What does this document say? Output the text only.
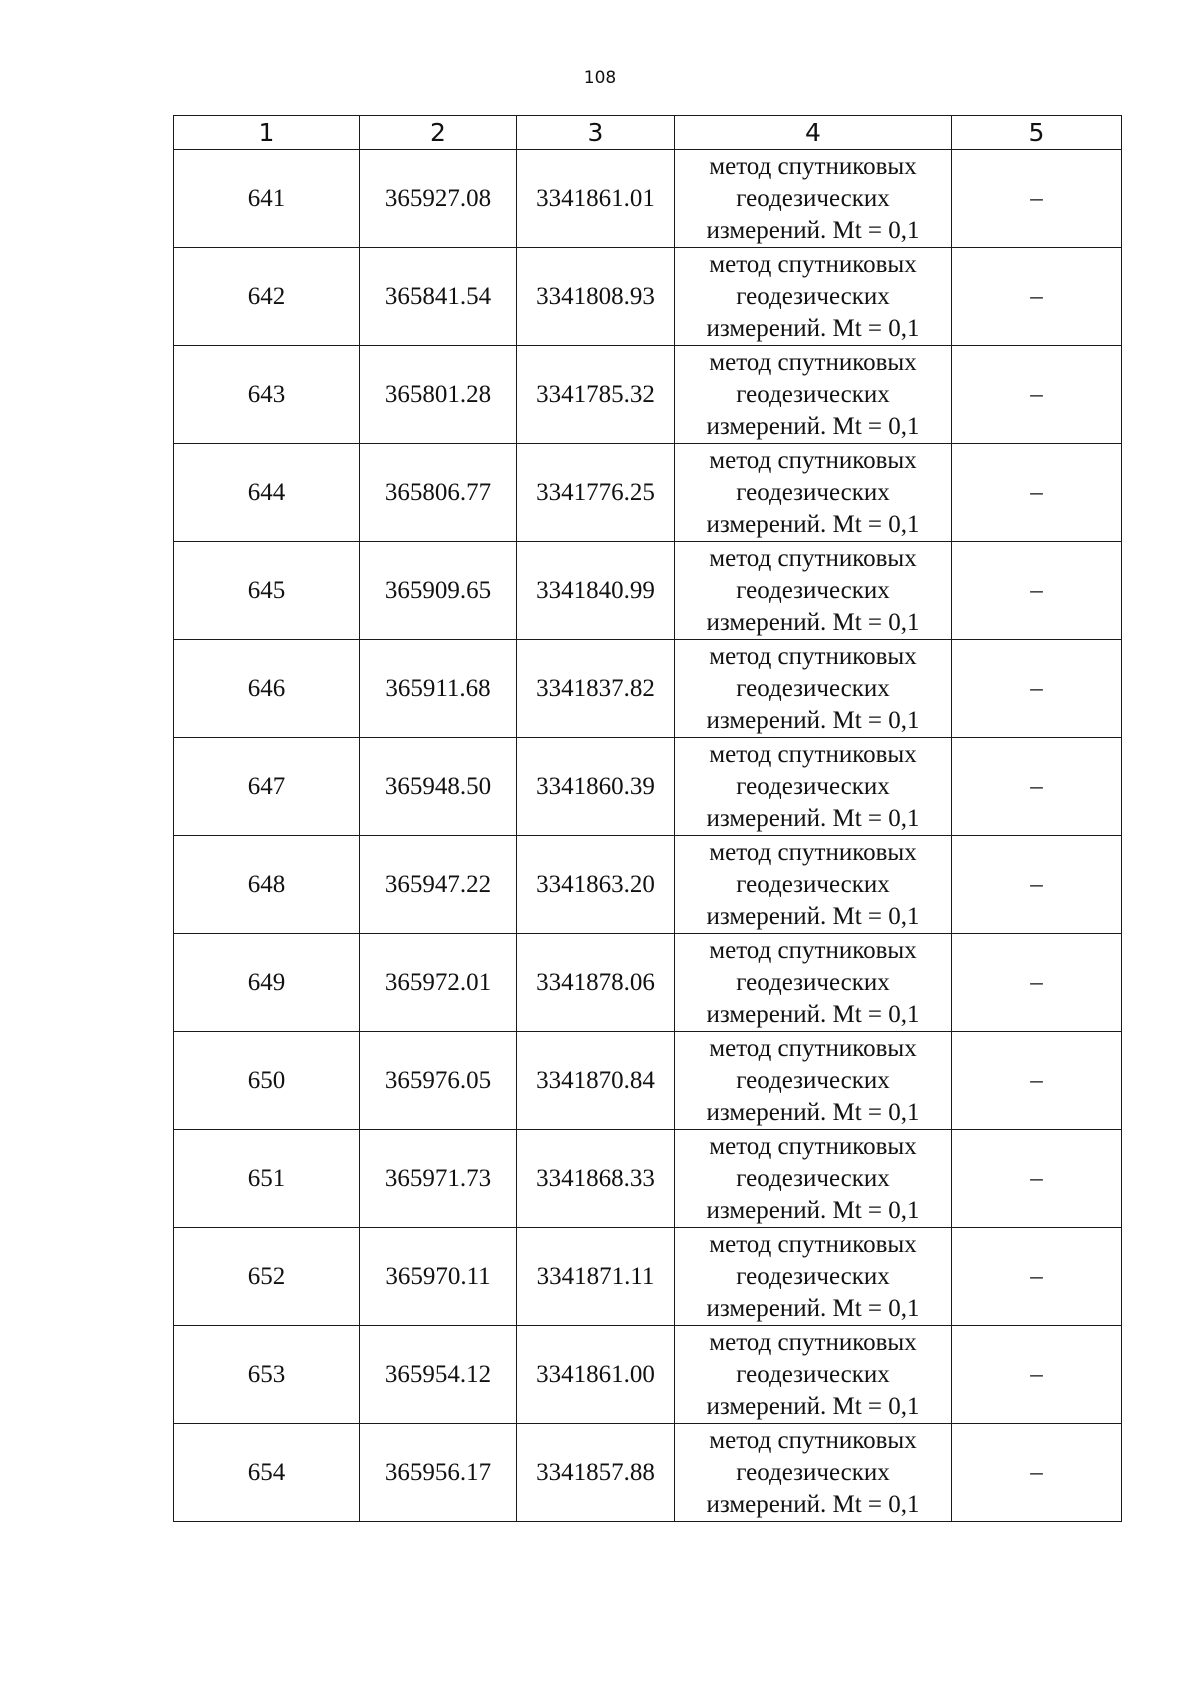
108
1	2	3	4	5
641	365927.08	3341861.01	метод спутниковых
геодезических
измерений. Mt = 0,1	–
642	365841.54	3341808.93	метод спутниковых
геодезических
измерений. Mt = 0,1	–
643	365801.28	3341785.32	метод спутниковых
геодезических
измерений. Mt = 0,1	–
644	365806.77	3341776.25	метод спутниковых
геодезических
измерений. Mt = 0,1	–
645	365909.65	3341840.99	метод спутниковых
геодезических
измерений. Mt = 0,1	–
646	365911.68	3341837.82	метод спутниковых
геодезических
измерений. Mt = 0,1	–
647	365948.50	3341860.39	метод спутниковых
геодезических
измерений. Mt = 0,1	–
648	365947.22	3341863.20	метод спутниковых
геодезических
измерений. Mt = 0,1	–
649	365972.01	3341878.06	метод спутниковых
геодезических
измерений. Mt = 0,1	–
650	365976.05	3341870.84	метод спутниковых
геодезических
измерений. Mt = 0,1	–
651	365971.73	3341868.33	метод спутниковых
геодезических
измерений. Mt = 0,1	–
652	365970.11	3341871.11	метод спутниковых
геодезических
измерений. Mt = 0,1	–
653	365954.12	3341861.00	метод спутниковых
геодезических
измерений. Mt = 0,1	–
654	365956.17	3341857.88	метод спутниковых
геодезических
измерений. Mt = 0,1	–
